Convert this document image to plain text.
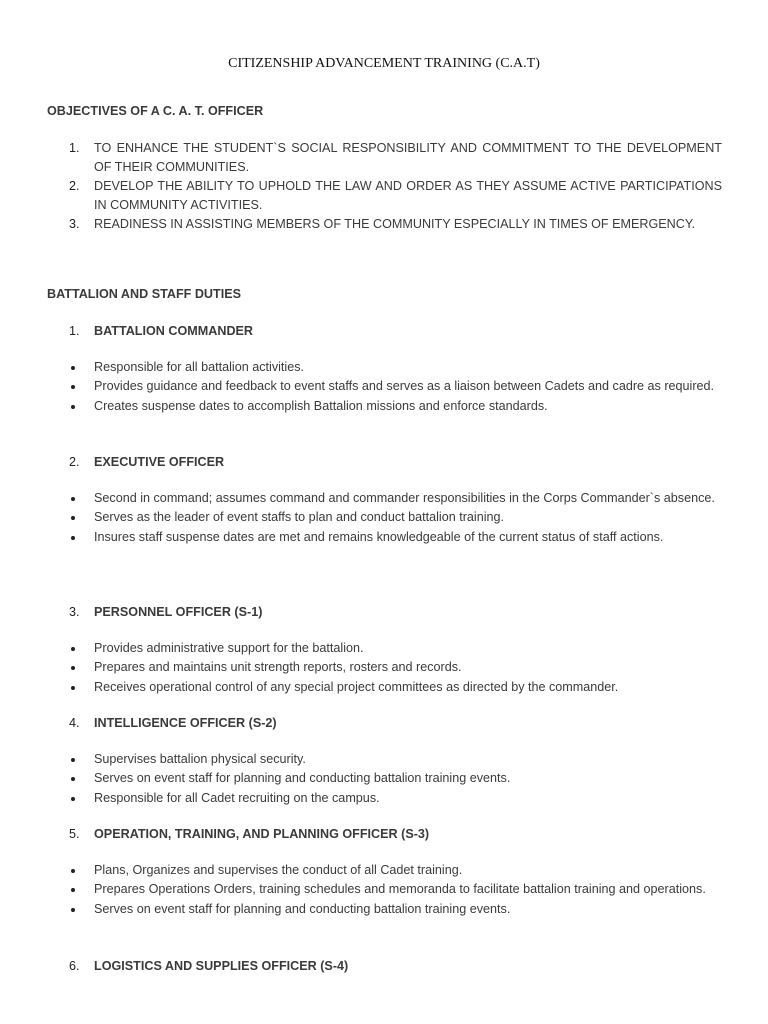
CITIZENSHIP ADVANCEMENT TRAINING (C.A.T)
OBJECTIVES OF A C. A. T. OFFICER
1. TO ENHANCE THE STUDENT`S SOCIAL RESPONSIBILITY AND COMMITMENT TO THE DEVELOPMENT OF THEIR COMMUNITIES.
2. DEVELOP THE ABILITY TO UPHOLD THE LAW AND ORDER AS THEY ASSUME ACTIVE PARTICIPATIONS IN COMMUNITY ACTIVITIES.
3. READINESS IN ASSISTING MEMBERS OF THE COMMUNITY ESPECIALLY IN TIMES OF EMERGENCY.
BATTALION AND STAFF DUTIES
1. BATTALION COMMANDER
Responsible for all battalion activities.
Provides guidance and feedback to event staffs and serves as a liaison between Cadets and cadre as required.
Creates suspense dates to accomplish Battalion missions and enforce standards.
2. EXECUTIVE OFFICER
Second in command; assumes command and commander responsibilities in the Corps Commander`s absence.
Serves as the leader of event staffs to plan and conduct battalion training.
Insures staff suspense dates are met and remains knowledgeable of the current status of staff actions.
3. PERSONNEL OFFICER (S-1)
Provides administrative support for the battalion.
Prepares and maintains unit strength reports, rosters and records.
Receives operational control of any special project committees as directed by the commander.
4. INTELLIGENCE OFFICER (S-2)
Supervises battalion physical security.
Serves on event staff for planning and conducting battalion training events.
Responsible for all Cadet recruiting on the campus.
5. OPERATION, TRAINING, AND PLANNING OFFICER (S-3)
Plans, Organizes and supervises the conduct of all Cadet training.
Prepares Operations Orders, training schedules and memoranda to facilitate battalion training and operations.
Serves on event staff for planning and conducting battalion training events.
6. LOGISTICS AND SUPPLIES OFFICER (S-4)
